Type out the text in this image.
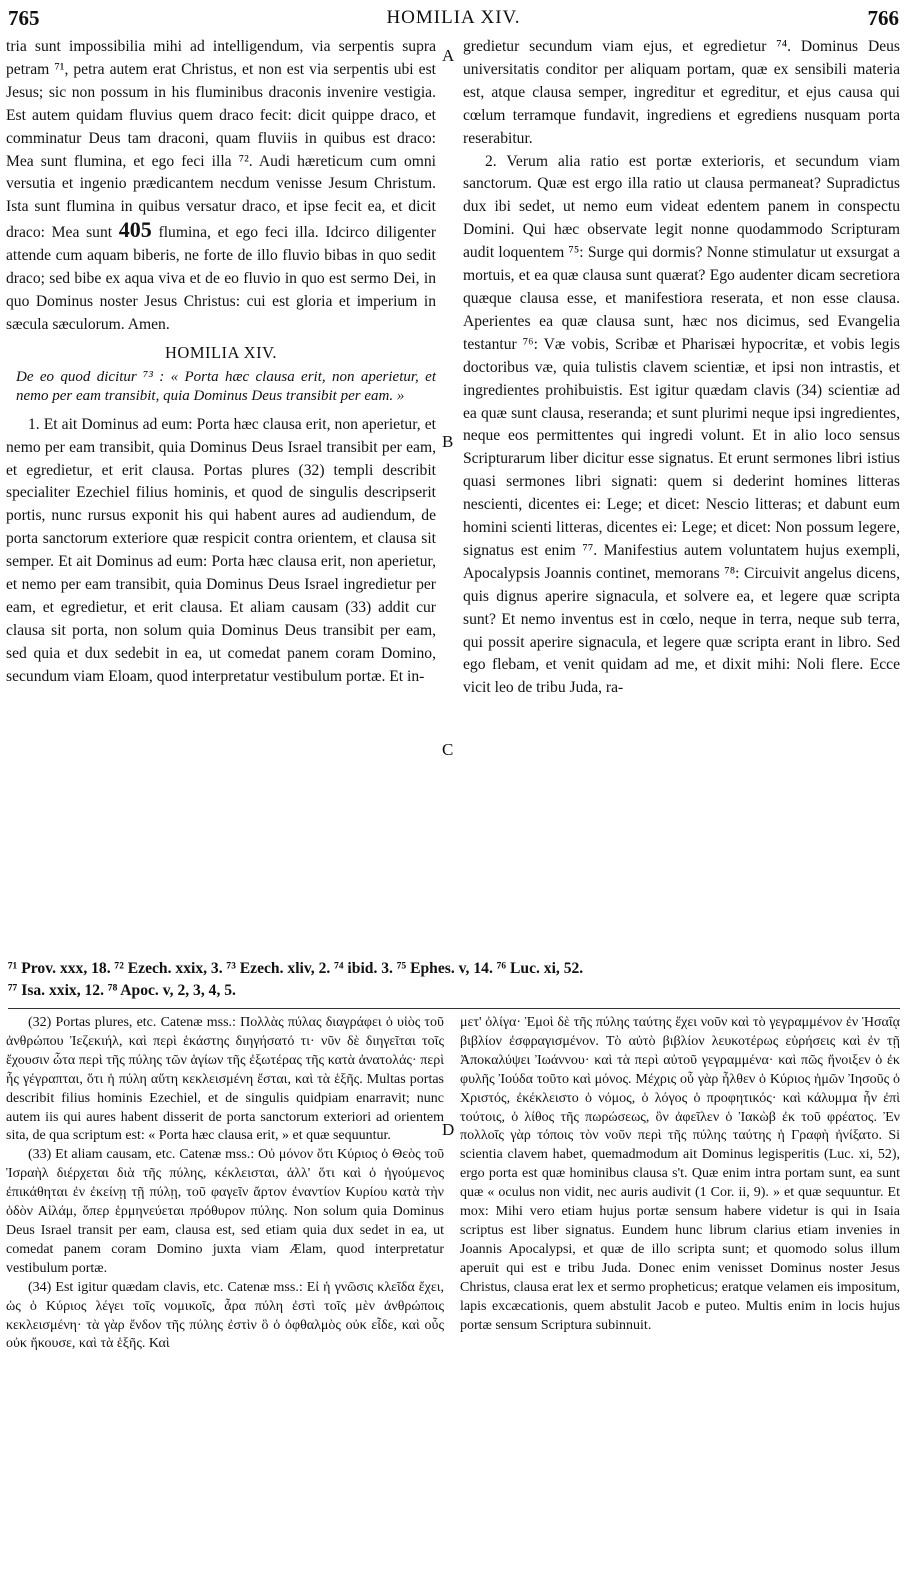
765	HOMILIA XIV.	766
A
B
C
D

tria sunt impossibilia mihi ad intelligendum, via serpentis supra petram ⁷¹, petra autem erat Christus, et non est via serpentis ubi est Jesus; sic non possum in his fluminibus draconis invenire vestigia. Est autem quidam fluvius quem draco fecit: dicit quippe draco, et comminatur Deus tam draconi, quam fluviis in quibus est draco: Mea sunt flumina, et ego feci illa ⁷². Audi hæreticum cum omni versutia et ingenio prædicantem necdum venisse Jesum Christum. Ista sunt flumina in quibus versatur draco, et ipse fecit ea, et dicit draco: Mea sunt 405 flumina, et ego feci illa. Idcirco diligenter attende cum aquam biberis, ne forte de illo fluvio bibas in quo sedit draco; sed bibe ex aqua viva et de eo fluvio in quo est sermo Dei, in quo Dominus noster Jesus Christus: cui est gloria et imperium in sæcula sæculorum. Amen.

HOMILIA XIV.
De eo quod dicitur ⁷³ : « Porta hæc clausa erit, non aperietur, et nemo per eam transibit, quia Dominus Deus transibit per eam. »

1. Et ait Dominus ad eum: Porta hæc clausa erit, non aperietur, et nemo per eam transibit, quia Dominus Deus Israel transibit per eam, et egredietur, et erit clausa. Portas plures (32) templi describit specialiter Ezechiel filius hominis, et quod de singulis descripserit portis, nunc rursus exponit his qui habent aures ad audiendum, de porta sanctorum exteriore quæ respicit contra orientem, et clausa sit semper. Et ait Dominus ad eum: Porta hæc clausa erit, non aperietur, et nemo per eam transibit, quia Dominus Deus Israel ingredietur per eam, et egredietur, et erit clausa. Et aliam causam (33) addit cur clausa sit porta, non solum quia Dominus Deus transibit per eam, sed quia et dux sedebit in ea, ut comedat panem coram Domino, secundum viam Eloam, quod interpretatur vestibulum portæ. Et in-

gredietur secundum viam ejus, et egredietur ⁷⁴. Dominus Deus universitatis conditor per aliquam portam, quæ ex sensibili materia est, atque clausa semper, ingreditur et egreditur, et ejus causa qui cœlum terramque fundavit, ingrediens et egrediens nusquam porta reserabitur.

2. Verum alia ratio est portæ exterioris, et secundum viam sanctorum. Quæ est ergo illa ratio ut clausa permaneat? Supradictus dux ibi sedet, ut nemo eum videat edentem panem in conspectu Domini. Qui hæc observate legit nonne quodammodo Scripturam audit loquentem ⁷⁵: Surge qui dormis? Nonne stimulatur ut exsurgat a mortuis, et ea quæ clausa sunt quærat? Ego audenter dicam secretiora quæque clausa esse, et manifestiora reserata, et non esse clausa. Aperientes ea quæ clausa sunt, hæc nos dicimus, sed Evangelia testantur ⁷⁶: Væ vobis, Scribæ et Pharisæi hypocritæ, et vobis legis doctoribus væ, quia tulistis clavem scientiæ, et ipsi non intrastis, et ingredientes prohibuistis. Est igitur quædam clavis (34) scientiæ ad ea quæ sunt clausa, reseranda; et sunt plurimi neque ipsi ingredientes, neque eos permittentes qui ingredi volunt. Et in alio loco sensus Scripturarum liber dicitur esse signatus. Et erunt sermones libri istius quasi sermones libri signati: quem si dederint homines litteras nescienti, dicentes ei: Lege; et dicet: Nescio litteras; et dabunt eum homini scienti litteras, dicentes ei: Lege; et dicet: Non possum legere, signatus est enim ⁷⁷. Manifestius autem voluntatem hujus exempli, Apocalypsis Joannis continet, memorans ⁷⁸: Circuivit angelus dicens, quis dignus aperire signacula, et solvere ea, et legere quæ scripta sunt? Et nemo inventus est in cœlo, neque in terra, neque sub terra, qui possit aperire signacula, et legere quæ scripta erant in libro. Sed ego flebam, et venit quidam ad me, et dixit mihi: Noli flere. Ecce vicit leo de tribu Juda, ra-

⁷¹ Prov. xxx, 18. ⁷² Ezech. xxix, 3. ⁷³ Ezech. xliv, 2. ⁷⁴ ibid. 3. ⁷⁵ Ephes. v, 14. ⁷⁶ Luc. xi, 52.
⁷⁷ Isa. xxix, 12. ⁷⁸ Apoc. v, 2, 3, 4, 5.

(32) Portas plures, etc. Catenæ mss.: Πολλὰς πύλας διαγράφει ὁ υἱὸς τοῦ ἀνθρώπου Ἰεζεκιήλ, καὶ περὶ ἑκάστης διηγήσατό τι· νῦν δὲ διηγεῖται τοῖς ἔχουσιν ὦτα περὶ τῆς πύλης τῶν ἁγίων τῆς ἐξωτέρας τῆς κατὰ ἀνατολάς· περὶ ἧς γέγραπται, ὅτι ἡ πύλη αὕτη κεκλεισμένη ἔσται, καὶ τὰ ἑξῆς. Multas portas describit filius hominis Ezechiel, et de singulis quidpiam enarravit; nunc autem iis qui aures habent disserit de porta sanctorum exteriori ad orientem sita, de qua scriptum est: « Porta hæc clausa erit, » et quæ sequuntur.

(33) Et aliam causam, etc. Catenæ mss.: Οὐ μόνον ὅτι Κύριος ὁ Θεὸς τοῦ Ἰσραὴλ διέρχεται διὰ τῆς πύλης, κέκλεισται, ἀλλ' ὅτι καὶ ὁ ἡγούμενος ἐπικάθηται ἐν ἐκείνῃ τῇ πύλῃ, τοῦ φαγεῖν ἄρτον ἐναντίον Κυρίου κατὰ τὴν ὁδὸν Αἰλάμ, ὅπερ ἑρμηνεύεται πρόθυρον πύλης. Non solum quia Dominus Deus Israel transit per eam, clausa est, sed etiam quia dux sedet in ea, ut comedat panem coram Domino juxta viam Ælam, quod interpretatur vestibulum portæ.

(34) Est igitur quædam clavis, etc. Catenæ mss.: Εἰ ἡ γνῶσις κλεῖδα ἔχει, ὡς ὁ Κύριος λέγει τοῖς νομικοῖς, ἆρα πύλη ἐστὶ τοῖς μὲν ἀνθρώποις κεκλεισμένη· τὰ γὰρ ἔνδον τῆς πύλης ἐστὶν ὃ ὁ ὀφθαλμὸς οὐκ εἶδε, καὶ οὖς οὐκ ἤκουσε, καὶ τὰ ἑξῆς. Καὶ

μετ' ὀλίγα· Ἐμοὶ δὲ τῆς πύλης ταύτης ἔχει νοῦν καὶ τὸ γεγραμμένον ἐν Ἡσαΐᾳ βιβλίον ἐσφραγισμένον. Τὸ αὐτὸ βιβλίον λευκοτέρως εὑρήσεις καὶ ἐν τῇ Ἀποκαλύψει Ἰωάννου· καὶ τὰ περὶ αὐτοῦ γεγραμμένα· καὶ πῶς ἤνοιξεν ὁ ἐκ φυλῆς Ἰούδα τοῦτο καὶ μόνος. Μέχρις οὗ γὰρ ἦλθεν ὁ Κύριος ἡμῶν Ἰησοῦς ὁ Χριστός, ἐκέκλειστο ὁ νόμος, ὁ λόγος ὁ προφητικός· καὶ κάλυμμα ἦν ἐπὶ τούτοις, ὁ λίθος τῆς πωρώσεως, ὃν ἀφεῖλεν ὁ Ἰακὼβ ἐκ τοῦ φρέατος. Ἐν πολλοῖς γὰρ τόποις τὸν νοῦν περὶ τῆς πύλης ταύτης ἡ Γραφὴ ἠνίξατο. Si scientia clavem habet, quemadmodum ait Dominus legisperitis (Luc. xi, 52), ergo porta est quæ hominibus clausa s't. Quæ enim intra portam sunt, ea sunt quæ « oculus non vidit, nec auris audivit (1 Cor. ii, 9). » et quæ sequuntur. Et mox: Mihi vero etiam hujus portæ sensum habere videtur is qui in Isaia scriptus est liber signatus. Eundem hunc librum clarius etiam invenies in Joannis Apocalypsi, et quæ de illo scripta sunt; et quomodo solus illum aperuit qui est e tribu Juda. Donec enim venisset Dominus noster Jesus Christus, clausa erat lex et sermo propheticus; eratque velamen eis impositum, lapis excæcationis, quem abstulit Jacob e puteo. Multis enim in locis hujus portæ sensum Scriptura subinnuit.
